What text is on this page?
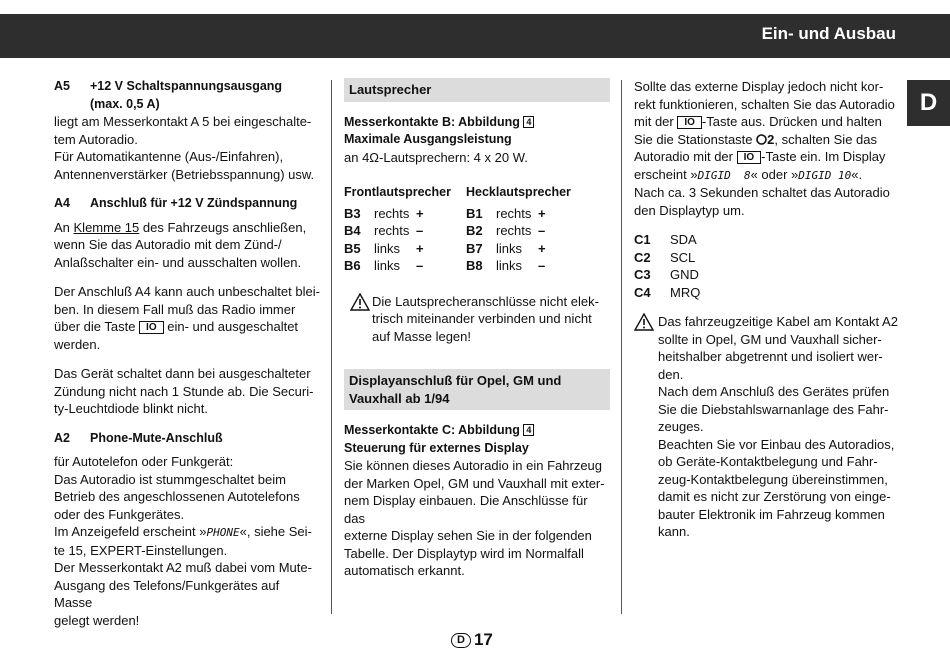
Ein- und Ausbau
D
A5 +12 V Schaltspannungsausgang
(max. 0,5 A)

liegt am Messerkontakt A 5 bei eingeschalte-

tem Autoradio.

Für Automatikantenne (Aus-/Einfahren),

Antennenverstärker (Betriebsspannung) usw.

A4 Anschluß für +12 V Zündspannung

An Klemme 15 des Fahrzeugs anschließen,

wenn Sie das Autoradio mit dem Zünd-/

Anlaßschalter ein- und ausschalten wollen.

Der Anschluß A4 kann auch unbeschaltet blei-

ben. In diesem Fall muß das Radio immer

über die Taste IO ein- und ausgeschaltet

werden.

Das Gerät schaltet dann bei ausgeschalteter

Zündung nicht nach 1 Stunde ab. Die Securi-

ty-Leuchtdiode blinkt nicht.

A2 Phone-Mute-Anschluß

für Autotelefon oder Funkgerät:

Das Autoradio ist stummgeschaltet beim

Betrieb des angeschlossenen Autotelefons

oder des Funkgerätes.

Im Anzeigefeld erscheint »PHONE«, siehe Sei-

te 15, EXPERT-Einstellungen.

Der Messerkontakt A2 muß dabei vom Mute-

Ausgang des Telefons/Funkgerätes auf Masse

gelegt werden!

Lautsprecher

Messerkontakte B: Abbildung 4

Maximale Ausgangsleistung

an 4Ω-Lautsprechern: 4 x 20 W.

Frontlautsprecher			Hecklautsprecher		

B3	rechts	+	B1	rechts	+
B4	rechts	–	B2	rechts	–
B5	links	+	B7	links	+
B6	links	–	B8	links	–

Die Lautsprecheranschlüsse nicht elek-

trisch miteinander verbinden und nicht

auf Masse legen!

Displayanschluß für Opel, GM und
Vauxhall ab 1/94

Messerkontakte C: Abbildung 4

Steuerung für externes Display

Sie können dieses Autoradio in ein Fahrzeug

der Marken Opel, GM und Vauxhall mit exter-

nem Display einbauen. Die Anschlüsse für das

externe Display sehen Sie in der folgenden

Tabelle. Der Displaytyp wird im Normalfall

automatisch erkannt.

Sollte das externe Display jedoch nicht kor-

rekt funktionieren, schalten Sie das Autoradio

mit der IO -Taste aus. Drücken und halten

Sie die Stationstaste 2, schalten Sie das

Autoradio mit der IO -Taste ein. Im Display

erscheint »DIGID  8« oder »DIGID 10«.

Nach ca. 3 Sekunden schaltet das Autoradio

den Displaytyp um.

C1	SDA
C2	SCL
C3	GND
C4	MRQ

Das fahrzeugzeitige Kabel am Kontakt A2

sollte in Opel, GM und Vauxhall sicher-

heitshalber abgetrennt und isoliert wer-

den.

Nach dem Anschluß des Gerätes prüfen

Sie die Diebstahlswarnanlage des Fahr-

zeuges.

Beachten Sie vor Einbau des Autoradios,

ob Geräte-Kontaktbelegung und Fahr-

zeug-Kontaktbelegung übereinstimmen,

damit es nicht zur Zerstörung von einge-

bauter Elektronik im Fahrzeug kommen

kann.

D 17
